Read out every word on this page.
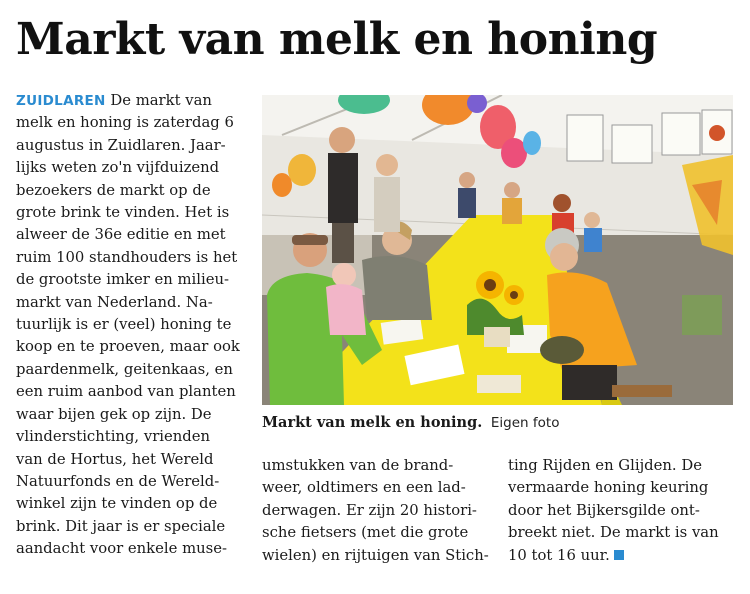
Markt van melk en honing
ZUIDLAREN De markt van
melk en honing is zaterdag 6
augustus in Zuidlaren. Jaar-
lijks weten zo'n vijfduizend
bezoekers de markt op de
grote brink te vinden. Het is
alweer de 36e editie en met
ruim 100 standhouders is het
de grootste imker en milieu-
markt van Nederland. Na-
tuurlijk is er (veel) honing te
koop en te proeven, maar ook
paardenmelk, geitenkaas, en
een ruim aanbod van planten
waar bijen gek op zijn. De
vlinderstichting, vrienden
van de Hortus, het Wereld
Natuurfonds en de Wereld-
winkel zijn te vinden op de
brink. Dit jaar is er speciale
aandacht voor enkele muse-
Markt van melk en honing. Eigen foto
umstukken van de brand-
weer, oldtimers en een lad-
derwagen. Er zijn 20 histori-
sche fietsers (met die grote
wielen) en rijtuigen van Stich-
ting Rijden en Glijden. De
vermaarde honing keuring
door het Bijkersgilde ont-
breekt niet. De markt is van
10 tot 16 uur.
